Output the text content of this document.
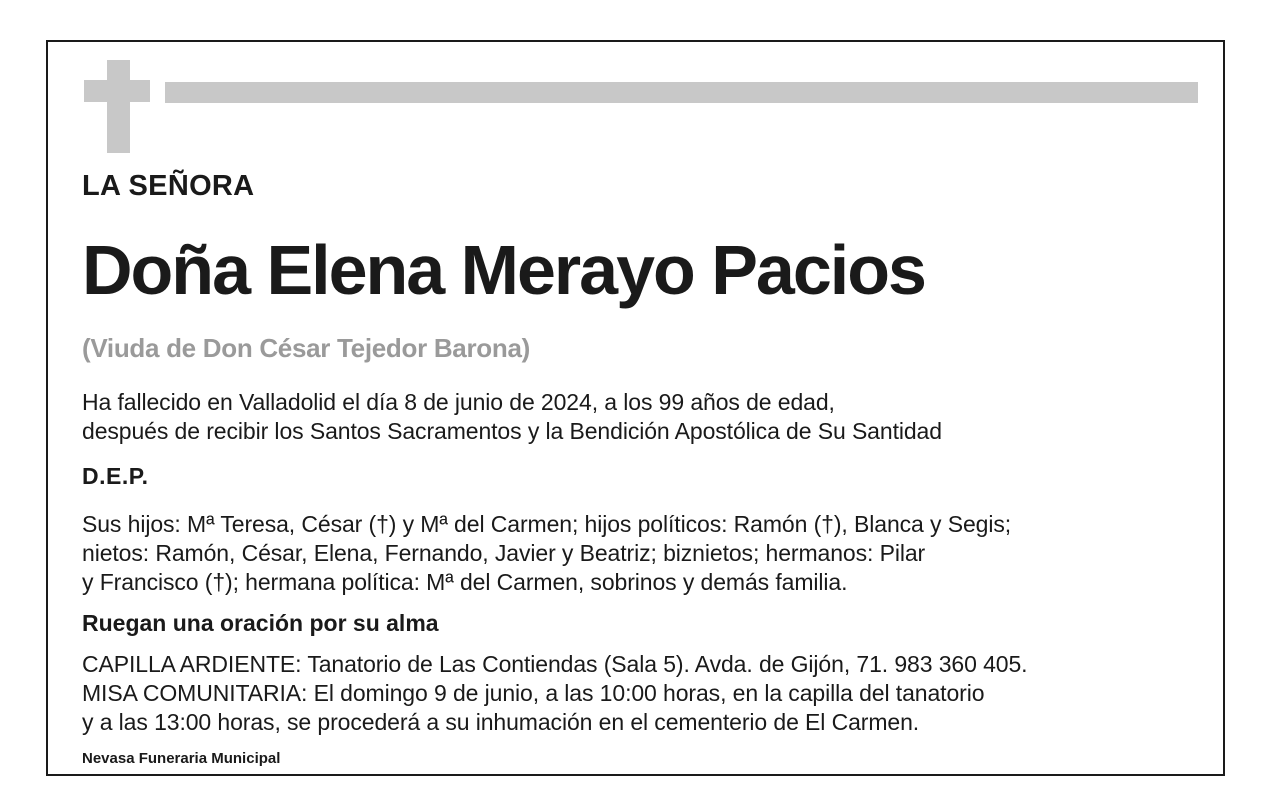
LA SEÑORA

Doña Elena Merayo Pacios

(Viuda de Don César Tejedor Barona)

Ha fallecido en Valladolid el día 8 de junio de 2024, a los 99 años de edad,
después de recibir los Santos Sacramentos y la Bendición Apostólica de Su Santidad

D.E.P.

Sus hijos: Mª Teresa, César (†) y Mª del Carmen; hijos políticos: Ramón (†), Blanca y Segis;
nietos: Ramón, César, Elena, Fernando, Javier y Beatriz; biznietos; hermanos: Pilar
y Francisco (†); hermana política: Mª del Carmen, sobrinos y demás familia.

Ruegan una oración por su alma

CAPILLA ARDIENTE: Tanatorio de Las Contiendas (Sala 5). Avda. de Gijón, 71. 983 360 405.
MISA COMUNITARIA: El domingo 9 de junio, a las 10:00 horas, en la capilla del tanatorio
y a las 13:00 horas, se procederá a su inhumación en el cementerio de El Carmen.

Nevasa Funeraria Municipal
